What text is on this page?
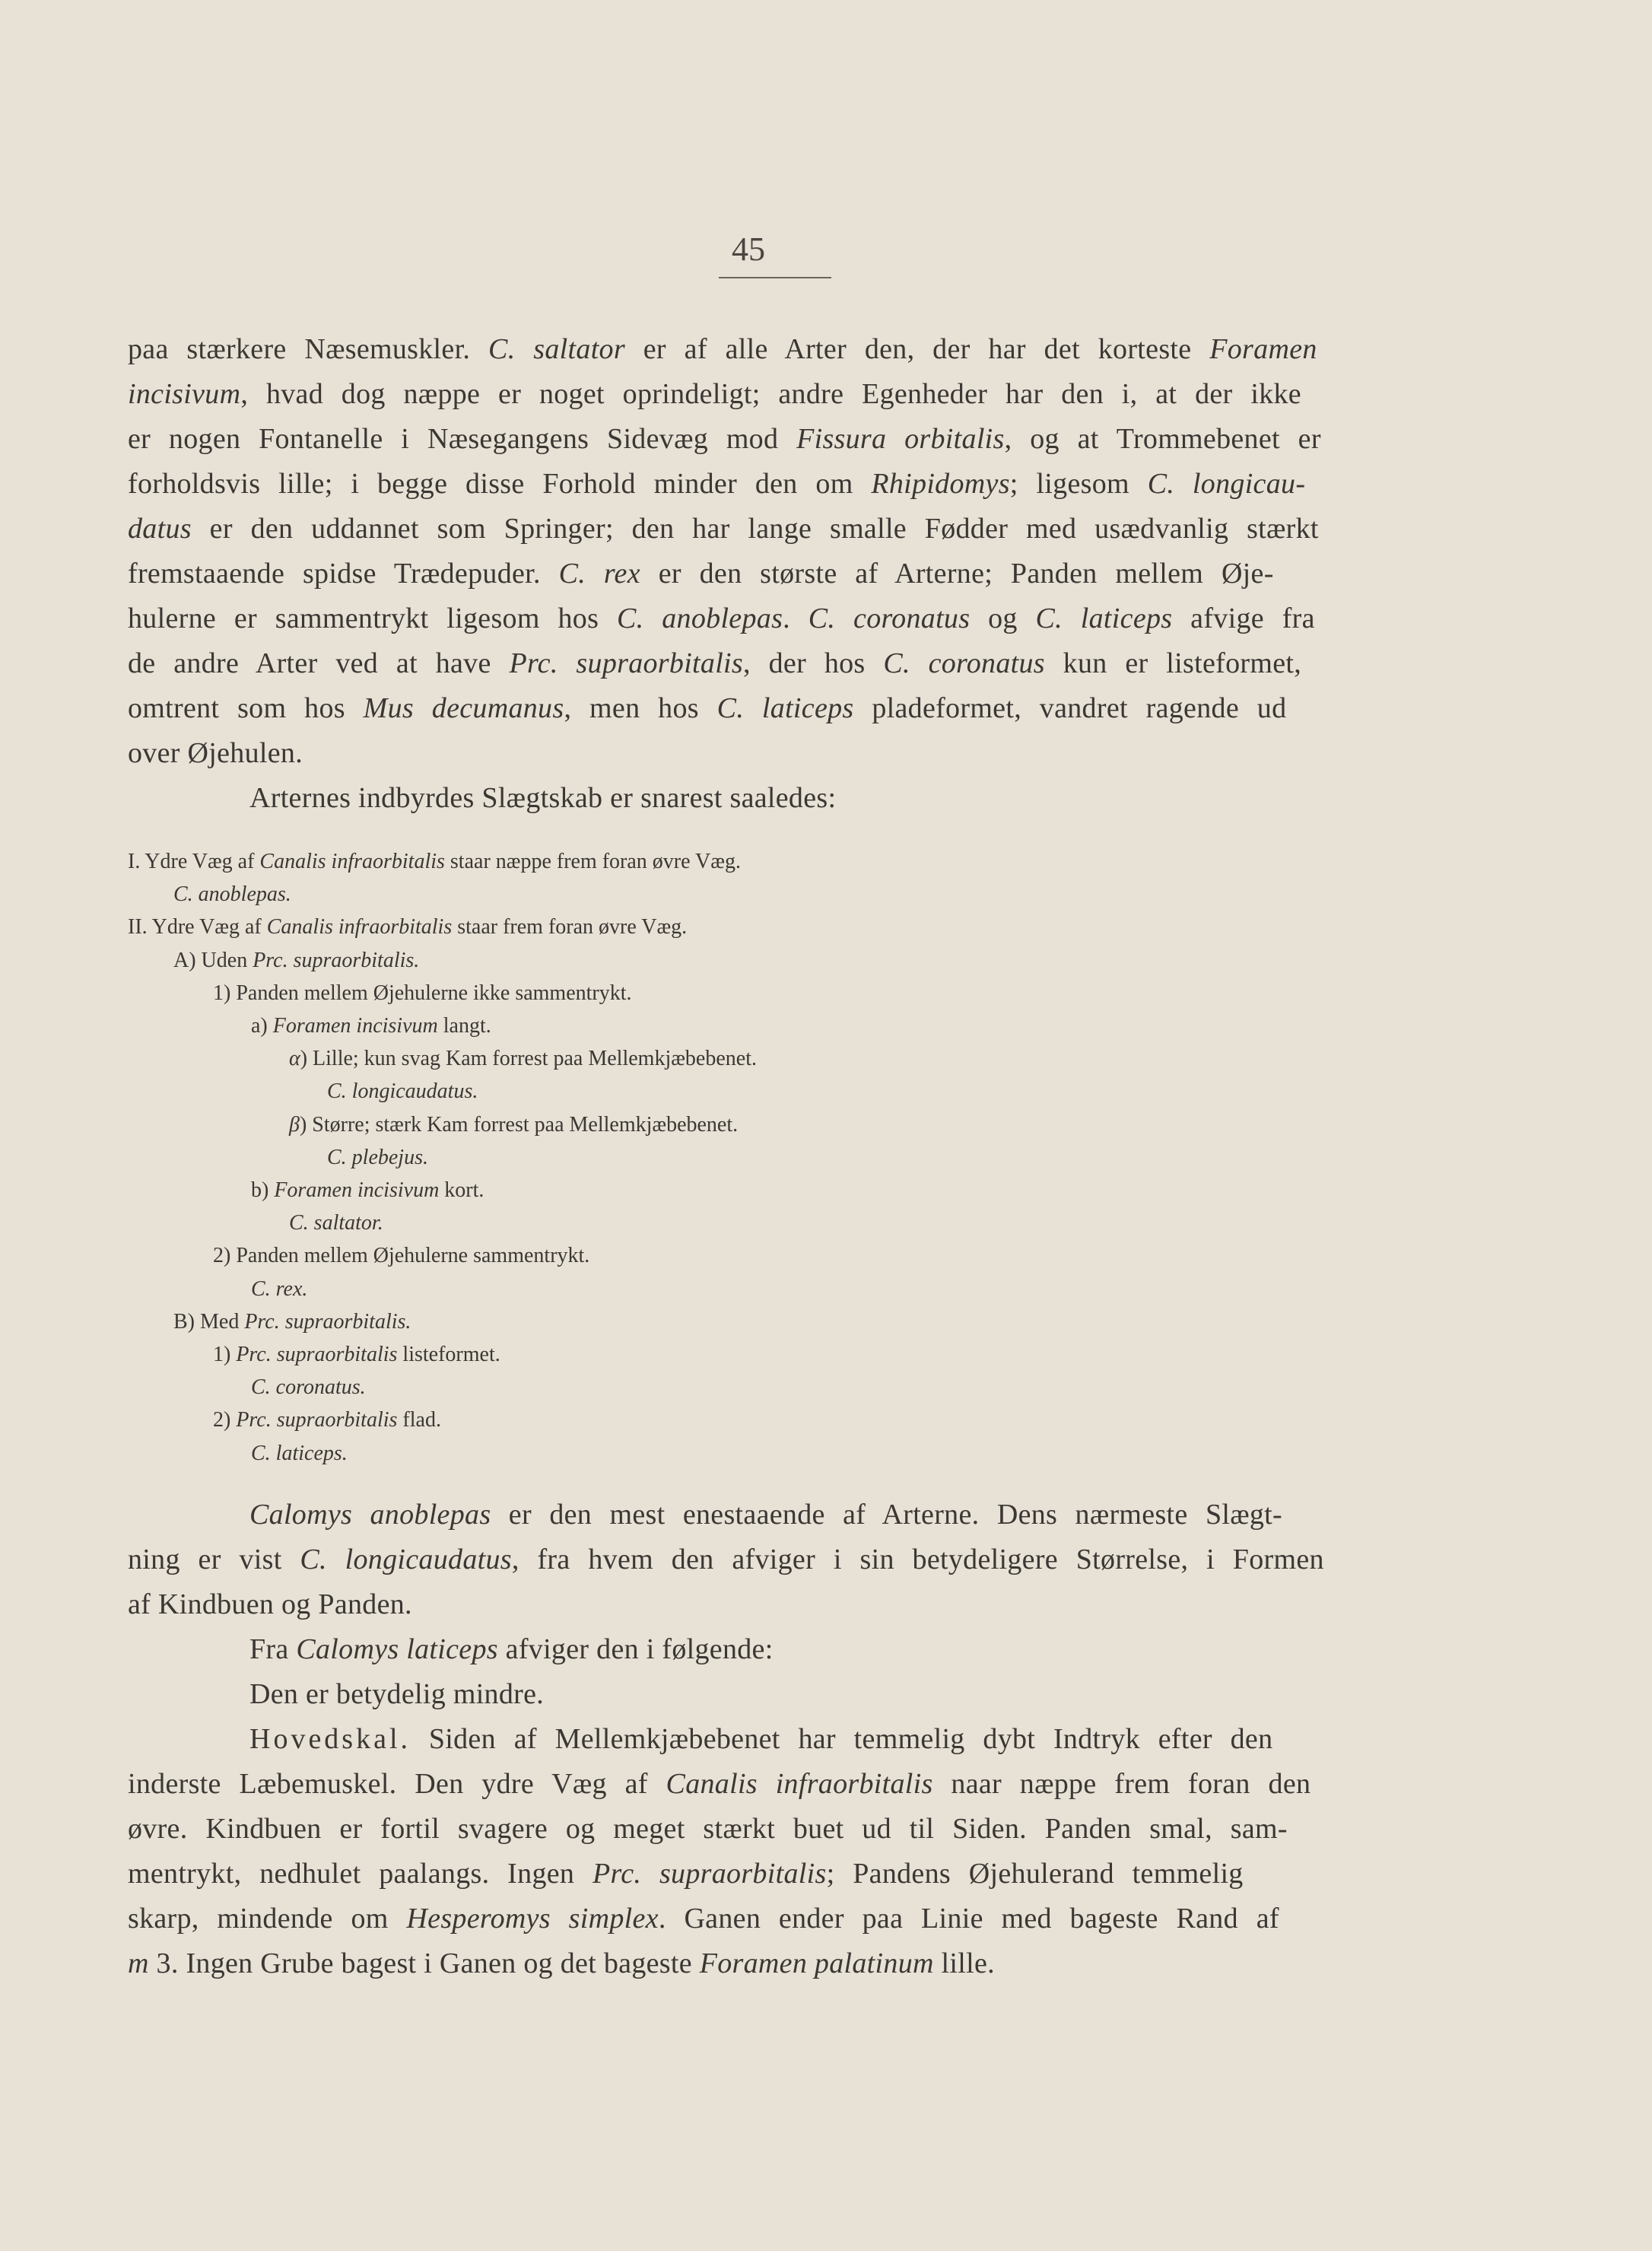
45
paa stærkere Næsemuskler. C. saltator er af alle Arter den, der har det korteste Foramen
incisivum, hvad dog næppe er noget oprindeligt; andre Egenheder har den i, at der ikke
er nogen Fontanelle i Næsegangens Sidevæg mod Fissura orbitalis, og at Trommebenet er
forholdsvis lille; i begge disse Forhold minder den om Rhipidomys; ligesom C. longicau-
datus er den uddannet som Springer; den har lange smalle Fødder med usædvanlig stærkt
fremstaaende spidse Trædepuder. C. rex er den største af Arterne; Panden mellem Øje-
hulerne er sammentrykt ligesom hos C. anoblepas. C. coronatus og C. laticeps afvige fra
de andre Arter ved at have Prc. supraorbitalis, der hos C. coronatus kun er listeformet,
omtrent som hos Mus decumanus, men hos C. laticeps pladeformet, vandret ragende ud
over Øjehulen.
Arternes indbyrdes Slægtskab er snarest saaledes:
I. Ydre Væg af Canalis infraorbitalis staar næppe frem foran øvre Væg.
C. anoblepas.
II. Ydre Væg af Canalis infraorbitalis staar frem foran øvre Væg.
A) Uden Prc. supraorbitalis.
1) Panden mellem Øjehulerne ikke sammentrykt.
a) Foramen incisivum langt.
α) Lille; kun svag Kam forrest paa Mellemkjæbebenet.
C. longicaudatus.
β) Større; stærk Kam forrest paa Mellemkjæbebenet.
C. plebejus.
b) Foramen incisivum kort.
C. saltator.
2) Panden mellem Øjehulerne sammentrykt.
C. rex.
B) Med Prc. supraorbitalis.
1) Prc. supraorbitalis listeformet.
C. coronatus.
2) Prc. supraorbitalis flad.
C. laticeps.
Calomys anoblepas er den mest enestaaende af Arterne. Dens nærmeste Slægt-
ning er vist C. longicaudatus, fra hvem den afviger i sin betydeligere Størrelse, i Formen
af Kindbuen og Panden.
Fra Calomys laticeps afviger den i følgende:
Den er betydelig mindre.
Hovedskal. Siden af Mellemkjæbebenet har temmelig dybt Indtryk efter den
inderste Læbemuskel. Den ydre Væg af Canalis infraorbitalis naar næppe frem foran den
øvre. Kindbuen er fortil svagere og meget stærkt buet ud til Siden. Panden smal, sam-
mentrykt, nedhulet paalangs. Ingen Prc. supraorbitalis; Pandens Øjehulerand temmelig
skarp, mindende om Hesperomys simplex. Ganen ender paa Linie med bageste Rand af
m 3. Ingen Grube bagest i Ganen og det bageste Foramen palatinum lille.
